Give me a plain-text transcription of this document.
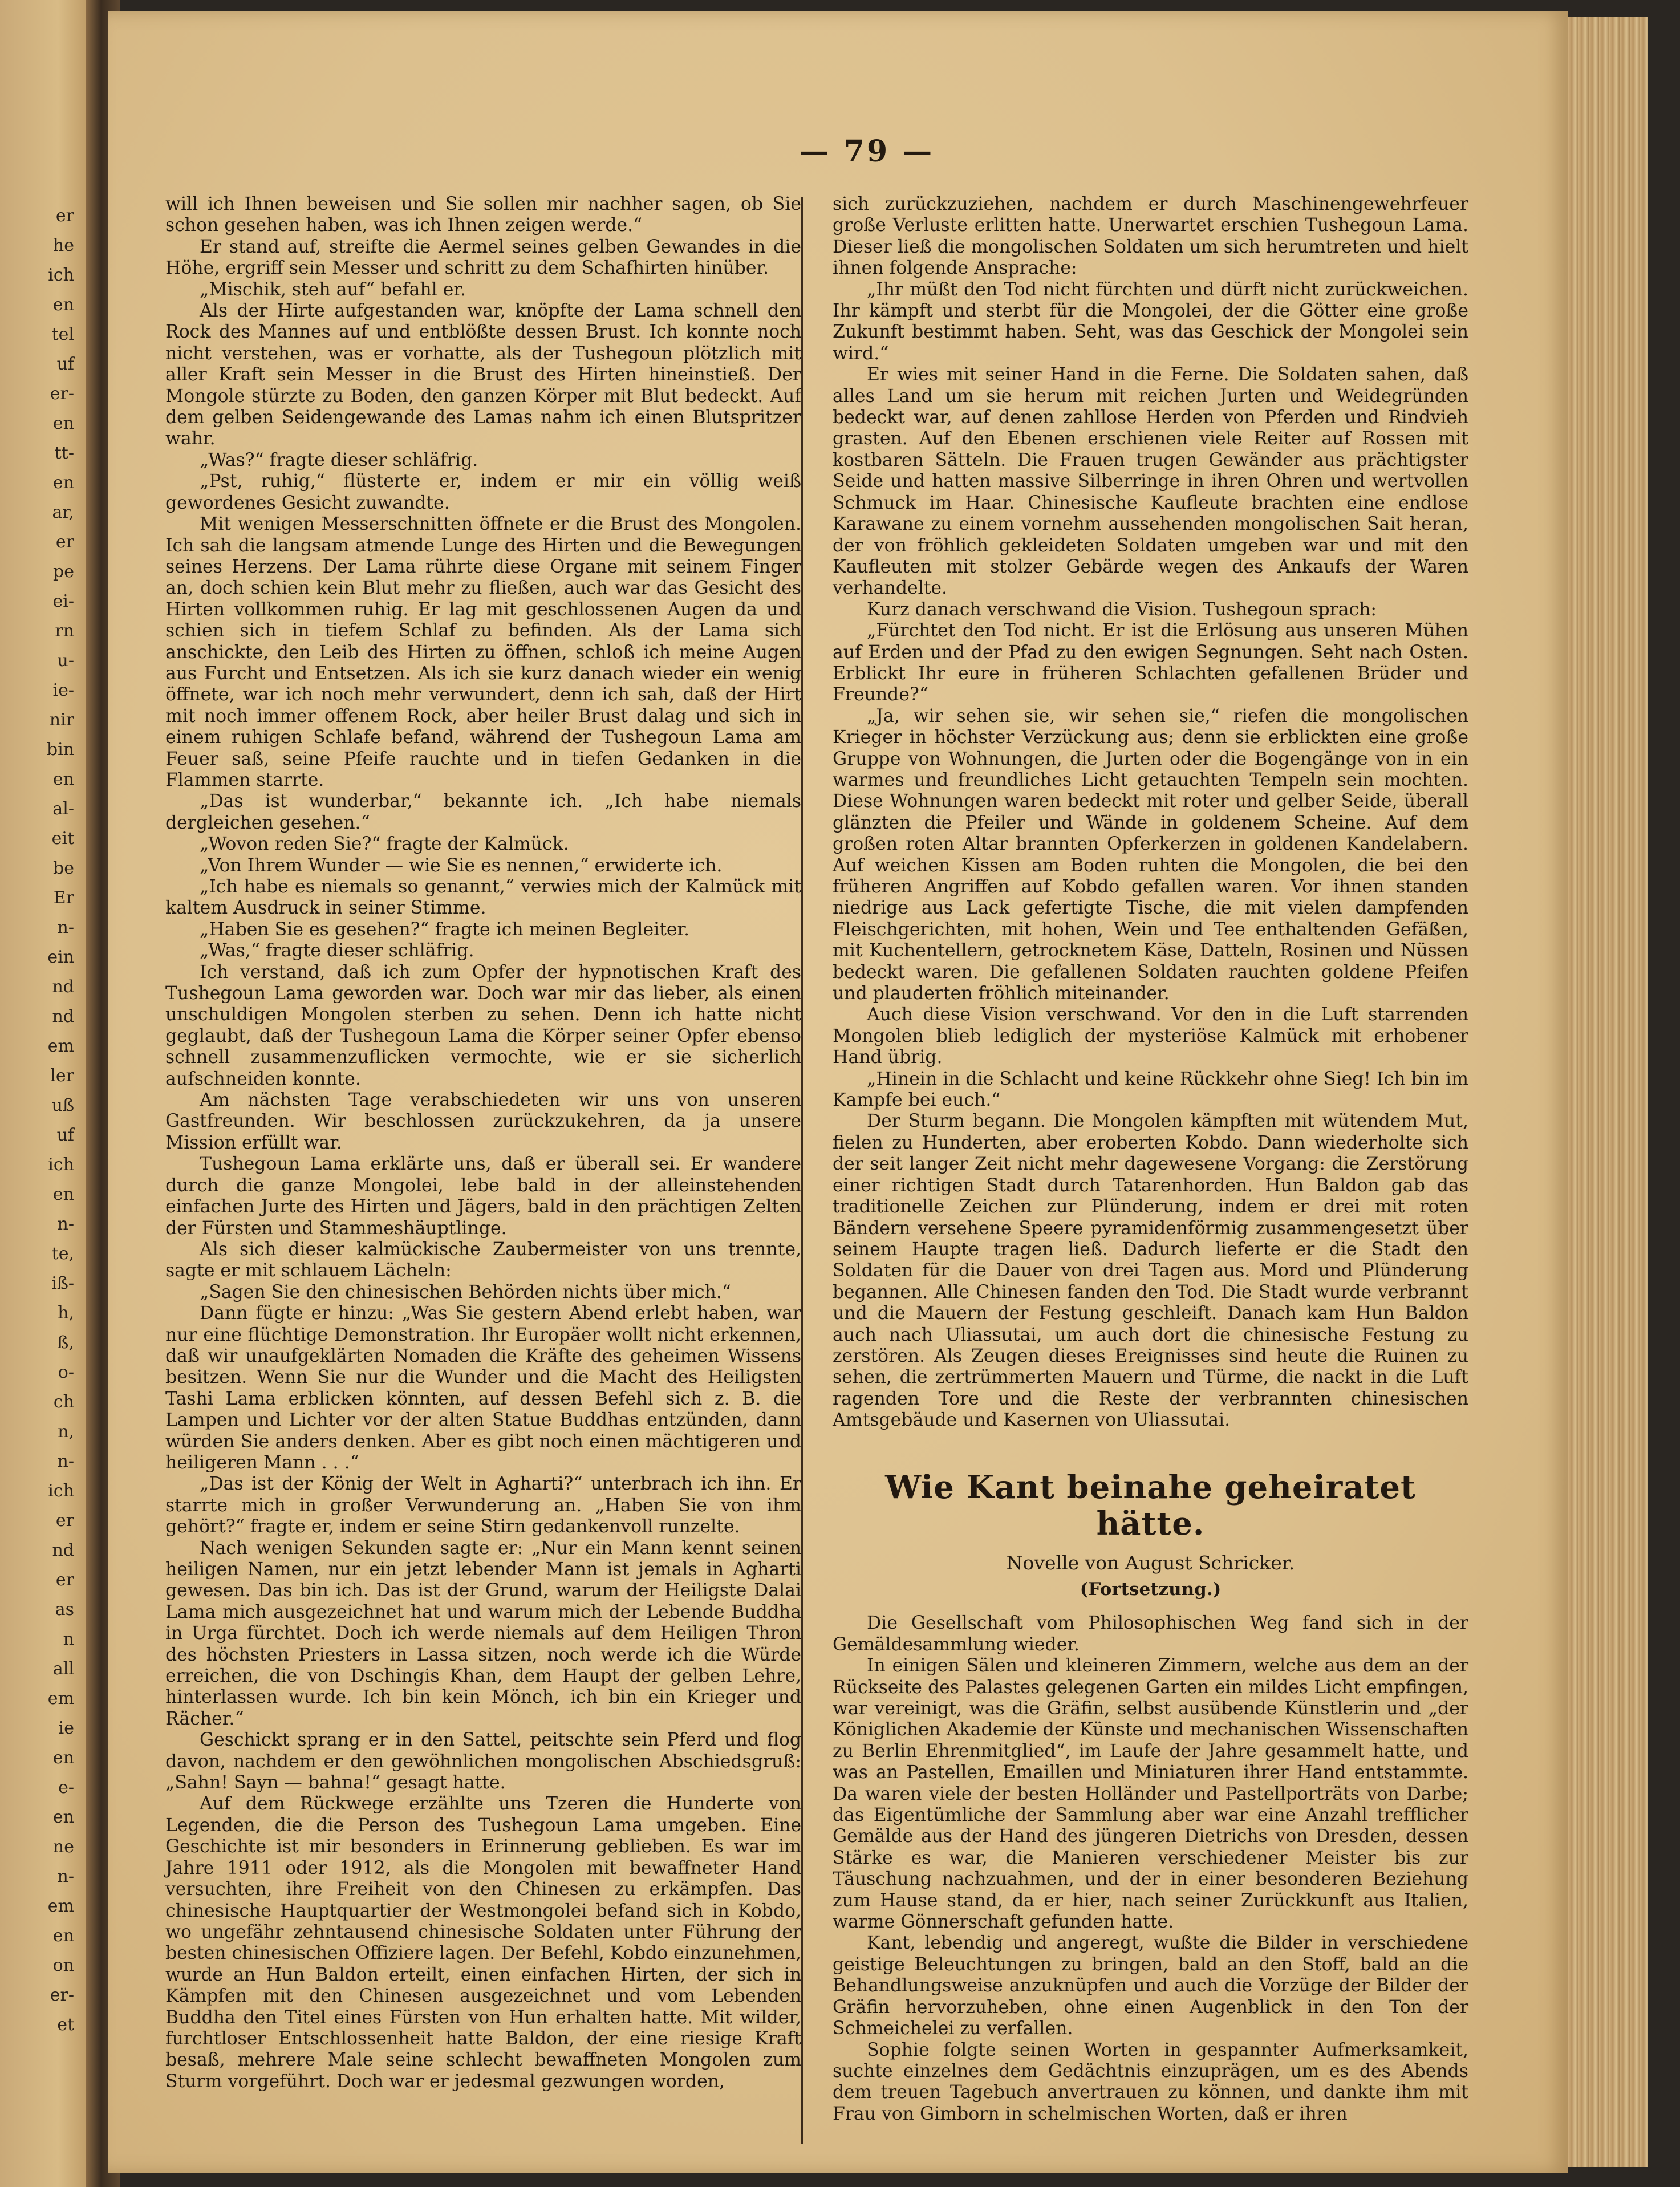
er
he
ich
en
tel
uf
er-
en
tt-
en
ar,
er
pe
ei-
rn
u-
ie-
nir
bin
en
al-
eit
be
Er
n-
ein
nd
nd
em
ler
uß
uf
ich
en
n-
te,
iß-
h,
ß,
o-
ch
n,
n-
ich
er
nd
er
as
n
all
em
ie
en
e-
en
ne
n-
em
en
on
er-
et
— 79 —

will ich Ihnen beweisen und Sie sollen mir nachher sagen, ob Sie schon gesehen haben, was ich Ihnen zeigen werde.“

Er stand auf, streifte die Aermel seines gelben Gewandes in die Höhe, ergriff sein Messer und schritt zu dem Schafhirten hinüber.

„Mischik, steh auf“ befahl er.

Als der Hirte aufgestanden war, knöpfte der Lama schnell den Rock des Mannes auf und entblößte dessen Brust. Ich konnte noch nicht verstehen, was er vorhatte, als der Tushegoun plötzlich mit aller Kraft sein Messer in die Brust des Hirten hineinstieß. Der Mongole stürzte zu Boden, den ganzen Körper mit Blut bedeckt. Auf dem gelben Seidengewande des Lamas nahm ich einen Blutspritzer wahr.

„Was?“ fragte dieser schläfrig.

„Pst, ruhig,“ flüsterte er, indem er mir ein völlig weiß gewordenes Gesicht zuwandte.

Mit wenigen Messerschnitten öffnete er die Brust des Mongolen. Ich sah die langsam atmende Lunge des Hirten und die Bewegungen seines Herzens. Der Lama rührte diese Organe mit seinem Finger an, doch schien kein Blut mehr zu fließen, auch war das Gesicht des Hirten vollkommen ruhig. Er lag mit geschlossenen Augen da und schien sich in tiefem Schlaf zu befinden. Als der Lama sich anschickte, den Leib des Hirten zu öffnen, schloß ich meine Augen aus Furcht und Entsetzen. Als ich sie kurz danach wieder ein wenig öffnete, war ich noch mehr verwundert, denn ich sah, daß der Hirt mit noch immer offenem Rock, aber heiler Brust dalag und sich in einem ruhigen Schlafe befand, während der Tushegoun Lama am Feuer saß, seine Pfeife rauchte und in tiefen Gedanken in die Flammen starrte.

„Das ist wunderbar,“ bekannte ich. „Ich habe niemals dergleichen gesehen.“

„Wovon reden Sie?“ fragte der Kalmück.

„Von Ihrem Wunder — wie Sie es nennen,“ erwiderte ich.

„Ich habe es niemals so genannt,“ verwies mich der Kalmück mit kaltem Ausdruck in seiner Stimme.

„Haben Sie es gesehen?“ fragte ich meinen Begleiter.

„Was,“ fragte dieser schläfrig.

Ich verstand, daß ich zum Opfer der hypnotischen Kraft des Tushegoun Lama geworden war. Doch war mir das lieber, als einen unschuldigen Mongolen sterben zu sehen. Denn ich hatte nicht geglaubt, daß der Tushegoun Lama die Körper seiner Opfer ebenso schnell zusammenzuflicken vermochte, wie er sie sicherlich aufschneiden konnte.

Am nächsten Tage verabschiedeten wir uns von unseren Gastfreunden. Wir beschlossen zurückzukehren, da ja unsere Mission erfüllt war.

Tushegoun Lama erklärte uns, daß er überall sei. Er wandere durch die ganze Mongolei, lebe bald in der alleinstehenden einfachen Jurte des Hirten und Jägers, bald in den prächtigen Zelten der Fürsten und Stammeshäuptlinge.

Als sich dieser kalmückische Zaubermeister von uns trennte, sagte er mit schlauem Lächeln:

„Sagen Sie den chinesischen Behörden nichts über mich.“

Dann fügte er hinzu: „Was Sie gestern Abend erlebt haben, war nur eine flüchtige Demonstration. Ihr Europäer wollt nicht erkennen, daß wir unaufgeklärten Nomaden die Kräfte des geheimen Wissens besitzen. Wenn Sie nur die Wunder und die Macht des Heiligsten Tashi Lama erblicken könnten, auf dessen Befehl sich z. B. die Lampen und Lichter vor der alten Statue Buddhas entzünden, dann würden Sie anders denken. Aber es gibt noch einen mächtigeren und heiligeren Mann . . .“

„Das ist der König der Welt in Agharti?“ unterbrach ich ihn. Er starrte mich in großer Verwunderung an. „Haben Sie von ihm gehört?“ fragte er, indem er seine Stirn gedankenvoll runzelte.

Nach wenigen Sekunden sagte er: „Nur ein Mann kennt seinen heiligen Namen, nur ein jetzt lebender Mann ist jemals in Agharti gewesen. Das bin ich. Das ist der Grund, warum der Heiligste Dalai Lama mich ausgezeichnet hat und warum mich der Lebende Buddha in Urga fürchtet. Doch ich werde niemals auf dem Heiligen Thron des höchsten Priesters in Lassa sitzen, noch werde ich die Würde erreichen, die von Dschingis Khan, dem Haupt der gelben Lehre, hinterlassen wurde. Ich bin kein Mönch, ich bin ein Krieger und Rächer.“

Geschickt sprang er in den Sattel, peitschte sein Pferd und flog davon, nachdem er den gewöhnlichen mongolischen Abschiedsgruß: „Sahn! Sayn — bahna!“ gesagt hatte.

Auf dem Rückwege erzählte uns Tzeren die Hunderte von Legenden, die die Person des Tushegoun Lama umgeben. Eine Geschichte ist mir besonders in Erinnerung geblieben. Es war im Jahre 1911 oder 1912, als die Mongolen mit bewaffneter Hand versuchten, ihre Freiheit von den Chinesen zu erkämpfen. Das chinesische Hauptquartier der Westmongolei befand sich in Kobdo, wo ungefähr zehntausend chinesische Soldaten unter Führung der besten chinesischen Offiziere lagen. Der Befehl, Kobdo einzunehmen, wurde an Hun Baldon erteilt, einen einfachen Hirten, der sich in Kämpfen mit den Chinesen ausgezeichnet und vom Lebenden Buddha den Titel eines Fürsten von Hun erhalten hatte. Mit wilder, furchtloser Entschlossenheit hatte Baldon, der eine riesige Kraft besaß, mehrere Male seine schlecht bewaffneten Mongolen zum Sturm vorgeführt. Doch war er jedesmal gezwungen worden,

sich zurückzuziehen, nachdem er durch Maschinengewehrfeuer große Verluste erlitten hatte. Unerwartet erschien Tushegoun Lama. Dieser ließ die mongolischen Soldaten um sich herumtreten und hielt ihnen folgende Ansprache:

„Ihr müßt den Tod nicht fürchten und dürft nicht zurückweichen. Ihr kämpft und sterbt für die Mongolei, der die Götter eine große Zukunft bestimmt haben. Seht, was das Geschick der Mongolei sein wird.“

Er wies mit seiner Hand in die Ferne. Die Soldaten sahen, daß alles Land um sie herum mit reichen Jurten und Weidegründen bedeckt war, auf denen zahllose Herden von Pferden und Rindvieh grasten. Auf den Ebenen erschienen viele Reiter auf Rossen mit kostbaren Sätteln. Die Frauen trugen Gewänder aus prächtigster Seide und hatten massive Silberringe in ihren Ohren und wertvollen Schmuck im Haar. Chinesische Kaufleute brachten eine endlose Karawane zu einem vornehm aussehenden mongolischen Sait heran, der von fröhlich gekleideten Soldaten umgeben war und mit den Kaufleuten mit stolzer Gebärde wegen des Ankaufs der Waren verhandelte.

Kurz danach verschwand die Vision. Tushegoun sprach:

„Fürchtet den Tod nicht. Er ist die Erlösung aus unseren Mühen auf Erden und der Pfad zu den ewigen Segnungen. Seht nach Osten. Erblickt Ihr eure in früheren Schlachten gefallenen Brüder und Freunde?“

„Ja, wir sehen sie, wir sehen sie,“ riefen die mongolischen Krieger in höchster Verzückung aus; denn sie erblickten eine große Gruppe von Wohnungen, die Jurten oder die Bogengänge von in ein warmes und freundliches Licht getauchten Tempeln sein mochten. Diese Wohnungen waren bedeckt mit roter und gelber Seide, überall glänzten die Pfeiler und Wände in goldenem Scheine. Auf dem großen roten Altar brannten Opferkerzen in goldenen Kandelabern. Auf weichen Kissen am Boden ruhten die Mongolen, die bei den früheren Angriffen auf Kobdo gefallen waren. Vor ihnen standen niedrige aus Lack gefertigte Tische, die mit vielen dampfenden Fleischgerichten, mit hohen, Wein und Tee enthaltenden Gefäßen, mit Kuchentellern, getrocknetem Käse, Datteln, Rosinen und Nüssen bedeckt waren. Die gefallenen Soldaten rauchten goldene Pfeifen und plauderten fröhlich miteinander.

Auch diese Vision verschwand. Vor den in die Luft starrenden Mongolen blieb lediglich der mysteriöse Kalmück mit erhobener Hand übrig.

„Hinein in die Schlacht und keine Rückkehr ohne Sieg! Ich bin im Kampfe bei euch.“

Der Sturm begann. Die Mongolen kämpften mit wütendem Mut, fielen zu Hunderten, aber eroberten Kobdo. Dann wiederholte sich der seit langer Zeit nicht mehr dagewesene Vorgang: die Zerstörung einer richtigen Stadt durch Tatarenhorden. Hun Baldon gab das traditionelle Zeichen zur Plünderung, indem er drei mit roten Bändern versehene Speere pyramidenförmig zusammengesetzt über seinem Haupte tragen ließ. Dadurch lieferte er die Stadt den Soldaten für die Dauer von drei Tagen aus. Mord und Plünderung begannen. Alle Chinesen fanden den Tod. Die Stadt wurde verbrannt und die Mauern der Festung geschleift. Danach kam Hun Baldon auch nach Uliassutai, um auch dort die chinesische Festung zu zerstören. Als Zeugen dieses Ereignisses sind heute die Ruinen zu sehen, die zertrümmerten Mauern und Türme, die nackt in die Luft ragenden Tore und die Reste der verbrannten chinesischen Amtsgebäude und Kasernen von Uliassutai.

Wie Kant beinahe geheiratet hätte.
Novelle von August Schricker.
(Fortsetzung.)

Die Gesellschaft vom Philosophischen Weg fand sich in der Gemäldesammlung wieder.

In einigen Sälen und kleineren Zimmern, welche aus dem an der Rückseite des Palastes gelegenen Garten ein mildes Licht empfingen, war vereinigt, was die Gräfin, selbst ausübende Künstlerin und „der Königlichen Akademie der Künste und mechanischen Wissenschaften zu Berlin Ehrenmitglied“, im Laufe der Jahre gesammelt hatte, und was an Pastellen, Emaillen und Miniaturen ihrer Hand entstammte. Da waren viele der besten Holländer und Pastellporträts von Darbe; das Eigentümliche der Sammlung aber war eine Anzahl trefflicher Gemälde aus der Hand des jüngeren Dietrichs von Dresden, dessen Stärke es war, die Manieren verschiedener Meister bis zur Täuschung nachzuahmen, und der in einer besonderen Beziehung zum Hause stand, da er hier, nach seiner Zurückkunft aus Italien, warme Gönnerschaft gefunden hatte.

Kant, lebendig und angeregt, wußte die Bilder in verschiedene geistige Beleuchtungen zu bringen, bald an den Stoff, bald an die Behandlungsweise anzuknüpfen und auch die Vorzüge der Bilder der Gräfin hervorzuheben, ohne einen Augenblick in den Ton der Schmeichelei zu verfallen.

Sophie folgte seinen Worten in gespannter Aufmerksamkeit, suchte einzelnes dem Gedächtnis einzuprägen, um es des Abends dem treuen Tagebuch anvertrauen zu können, und dankte ihm mit Frau von Gimborn in schelmischen Worten, daß er ihren
